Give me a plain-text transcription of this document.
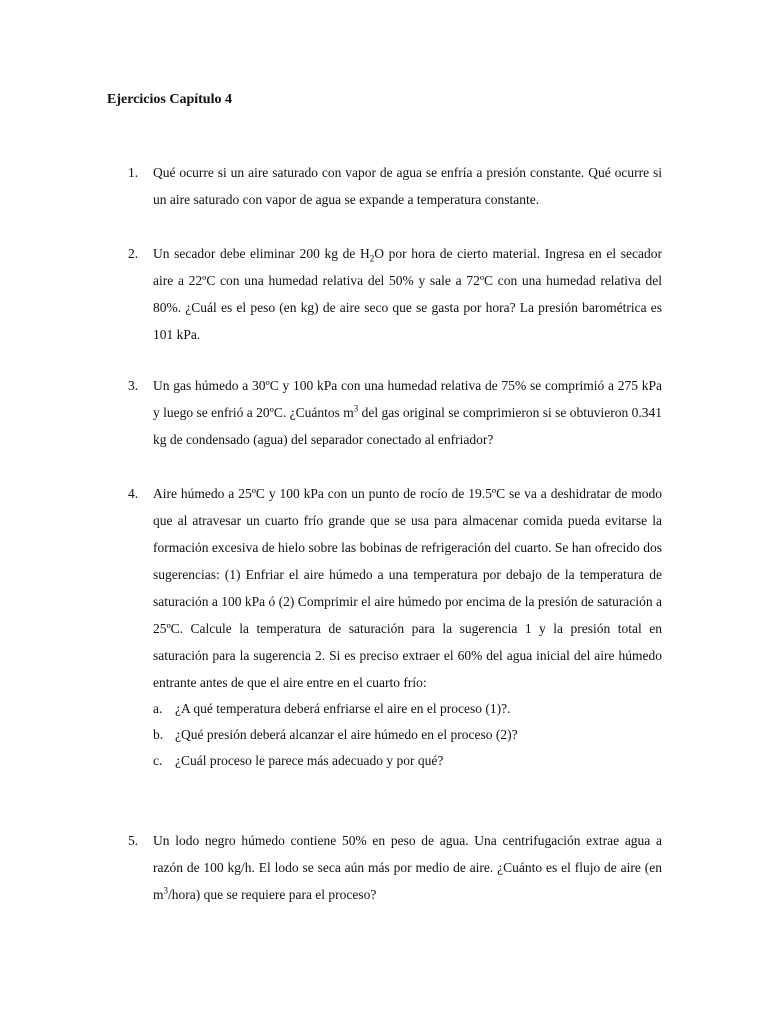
Ejercicios Capítulo 4
1.	Qué ocurre si un aire saturado con vapor de agua se enfría a presión constante. Qué ocurre si un aire saturado con vapor de agua se expande a temperatura constante.
2.	Un secador debe eliminar 200 kg de $H_2O$ por hora de cierto material. Ingresa en el secador aire a 22ºC con una humedad relativa del 50% y sale a 72ºC con una humedad relativa del 80%. ¿Cuál es el peso (en kg) de aire seco que se gasta por hora? La presión barométrica es 101 kPa.
3.	Un gas húmedo a 30ºC y 100 kPa con una humedad relativa de 75% se comprimió a 275 kPa y luego se enfrió a 20ºC. ¿Cuántos $m^3$ del gas original se comprimieron si se obtuvieron 0.341 kg de condensado (agua) del separador conectado al enfriador?
4.	Aire húmedo a 25ºC y 100 kPa con un punto de rocío de 19.5ºC se va a deshidratar de modo que al atravesar un cuarto frío grande que se usa para almacenar comida pueda evitarse la formación excesiva de hielo sobre las bobinas de refrigeración del cuarto. Se han ofrecido dos sugerencias: (1) Enfriar el aire húmedo a una temperatura por debajo de la temperatura de saturación a 100 kPa ó (2) Comprimir el aire húmedo por encima de la presión de saturación a 25ºC. Calcule la temperatura de saturación para la sugerencia 1 y la presión total en saturación para la sugerencia 2. Si es preciso extraer el 60% del agua inicial del aire húmedo entrante antes de que el aire entre en el cuarto frío:
a. ¿A qué temperatura deberá enfriarse el aire en el proceso (1)?.
b. ¿Qué presión deberá alcanzar el aire húmedo en el proceso (2)?
c. ¿Cuál proceso le parece más adecuado y por qué?
5.	Un lodo negro húmedo contiene 50% en peso de agua. Una centrifugación extrae agua a razón de 100 kg/h. El lodo se seca aún más por medio de aire. ¿Cuánto es el flujo de aire (en $m^3/hora$) que se requiere para el proceso?
